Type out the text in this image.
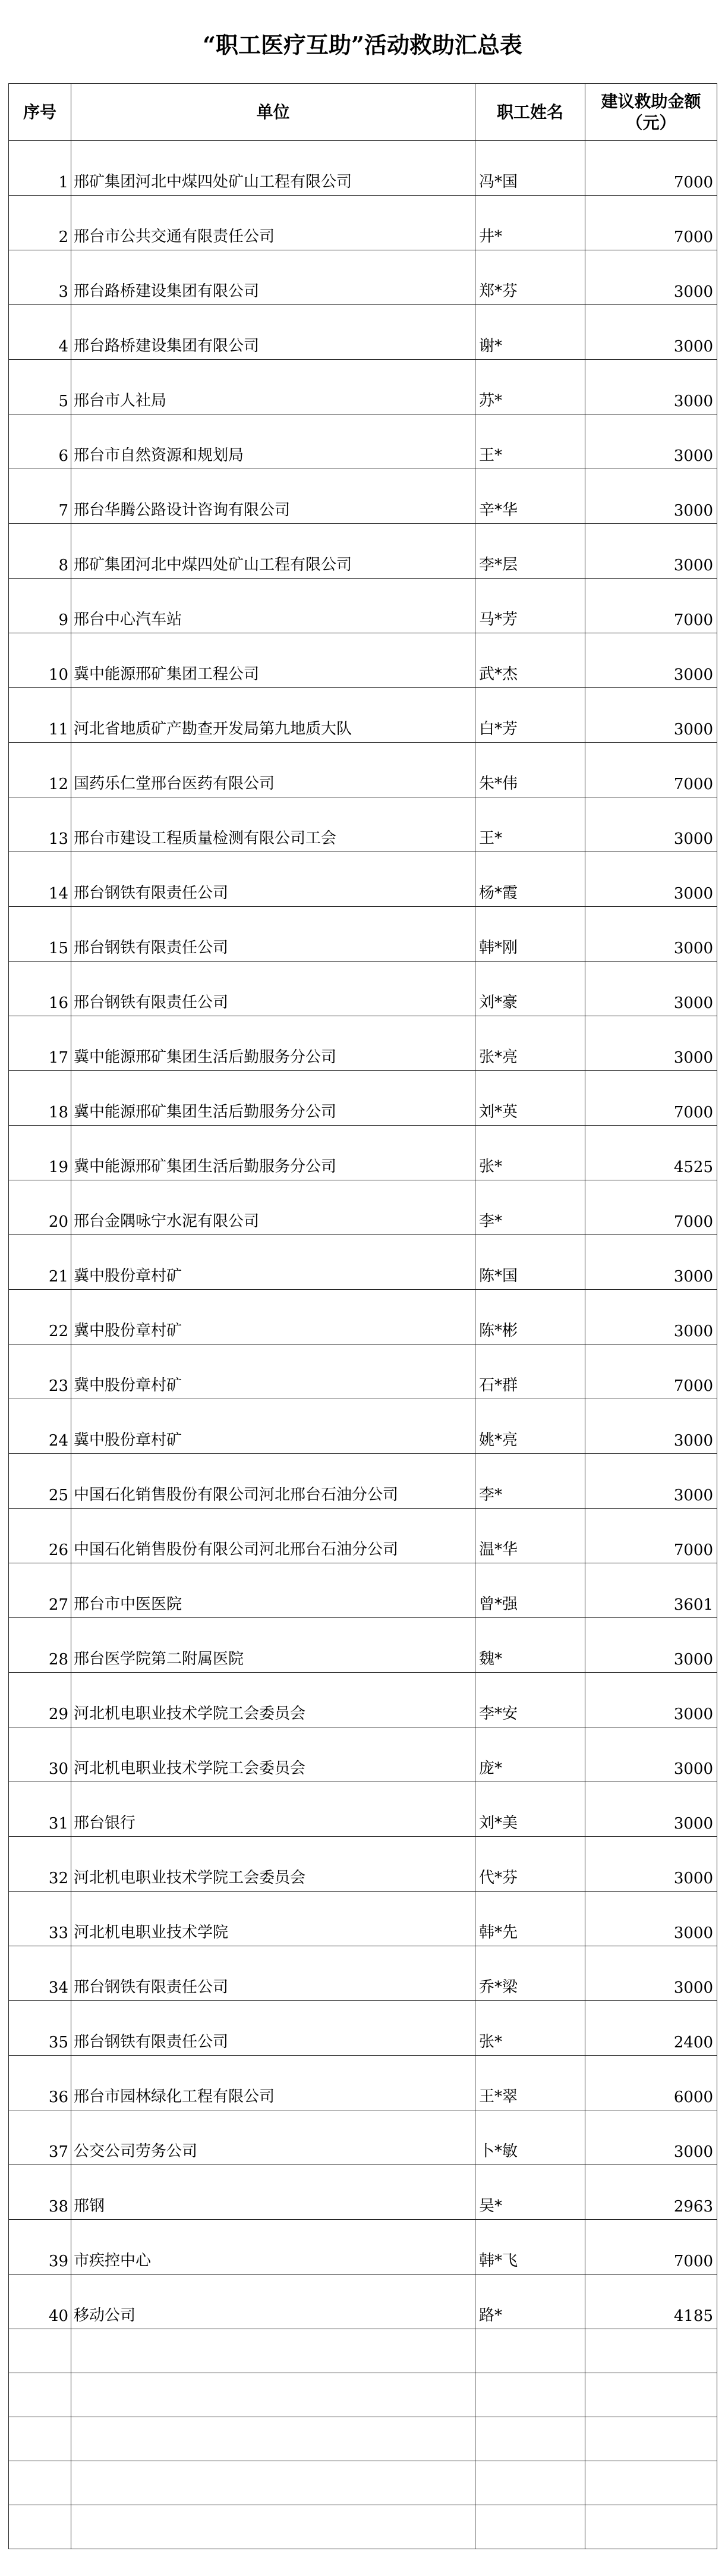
“职工医疗互助”活动救助汇总表
序号	单位	职工姓名	建议救助金额（元）
1	邢矿集团河北中煤四处矿山工程有限公司	冯*国	7000
2	邢台市公共交通有限责任公司	井*	7000
3	邢台路桥建设集团有限公司	郑*芬	3000
4	邢台路桥建设集团有限公司	谢*	3000
5	邢台市人社局	苏*	3000
6	邢台市自然资源和规划局	王*	3000
7	邢台华腾公路设计咨询有限公司	辛*华	3000
8	邢矿集团河北中煤四处矿山工程有限公司	李*层	3000
9	邢台中心汽车站	马*芳	7000
10	冀中能源邢矿集团工程公司	武*杰	3000
11	河北省地质矿产勘查开发局第九地质大队	白*芳	3000
12	国药乐仁堂邢台医药有限公司	朱*伟	7000
13	邢台市建设工程质量检测有限公司工会	王*	3000
14	邢台钢铁有限责任公司	杨*霞	3000
15	邢台钢铁有限责任公司	韩*刚	3000
16	邢台钢铁有限责任公司	刘*豪	3000
17	冀中能源邢矿集团生活后勤服务分公司	张*亮	3000
18	冀中能源邢矿集团生活后勤服务分公司	刘*英	7000
19	冀中能源邢矿集团生活后勤服务分公司	张*	4525
20	邢台金隅咏宁水泥有限公司	李*	7000
21	冀中股份章村矿	陈*国	3000
22	冀中股份章村矿	陈*彬	3000
23	冀中股份章村矿	石*群	7000
24	冀中股份章村矿	姚*亮	3000
25	中国石化销售股份有限公司河北邢台石油分公司	李*	3000
26	中国石化销售股份有限公司河北邢台石油分公司	温*华	7000
27	邢台市中医医院	曾*强	3601
28	邢台医学院第二附属医院	魏*	3000
29	河北机电职业技术学院工会委员会	李*安	3000
30	河北机电职业技术学院工会委员会	庞*	3000
31	邢台银行	刘*美	3000
32	河北机电职业技术学院工会委员会	代*芬	3000
33	河北机电职业技术学院	韩*先	3000
34	邢台钢铁有限责任公司	乔*梁	3000
35	邢台钢铁有限责任公司	张*	2400
36	邢台市园林绿化工程有限公司	王*翠	6000
37	公交公司劳务公司	卜*敏	3000
38	邢钢	吴*	2963
39	市疾控中心	韩*飞	7000
40	移动公司	路*	4185
